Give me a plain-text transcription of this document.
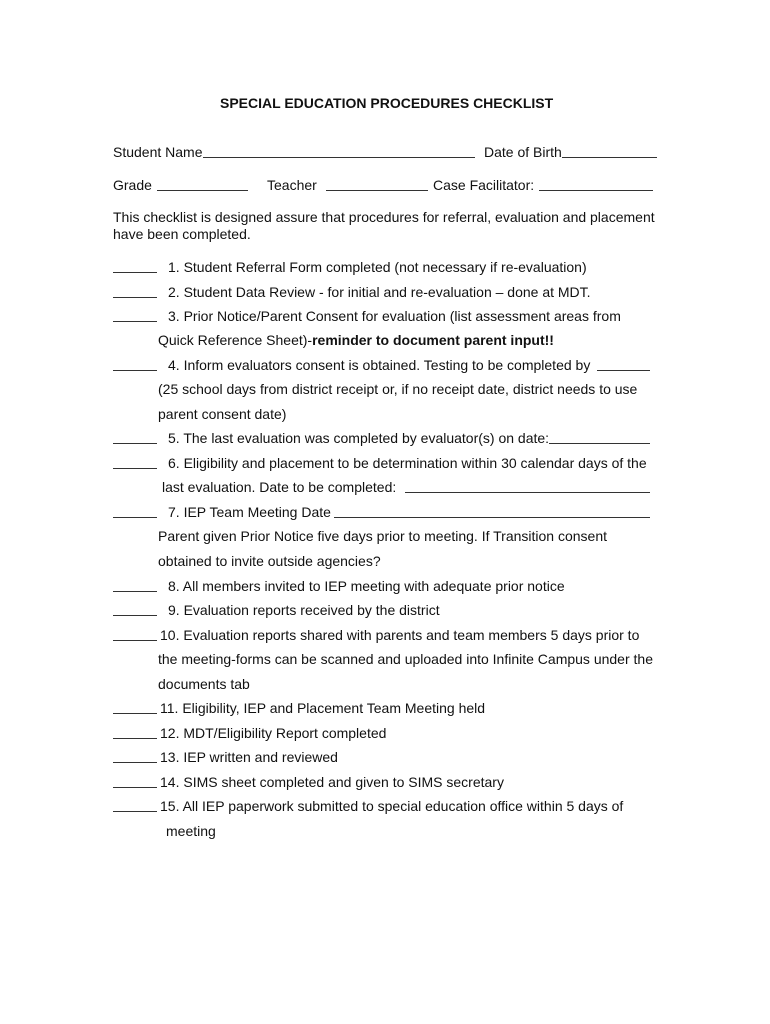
SPECIAL EDUCATION PROCEDURES CHECKLIST
Student Name	Date of Birth
Grade	Teacher	Case Facilitator:
This checklist is designed assure that procedures for referral, evaluation and placement
have been completed.
1. Student Referral Form completed (not necessary if re-evaluation)
2. Student Data Review - for initial and re-evaluation – done at MDT.
3. Prior Notice/Parent Consent for evaluation (list assessment areas from
Quick Reference Sheet)-reminder to document parent input!!
4. Inform evaluators consent is obtained. Testing to be completed by
(25 school days from district receipt or, if no receipt date, district needs to use
parent consent date)
5. The last evaluation was completed by evaluator(s) on date:
6. Eligibility and placement to be determination within 30 calendar days of the
last evaluation. Date to be completed:
7. IEP Team Meeting Date
Parent given Prior Notice five days prior to meeting. If Transition consent
obtained to invite outside agencies?
8. All members invited to IEP meeting with adequate prior notice
9. Evaluation reports received by the district
10. Evaluation reports shared with parents and team members 5 days prior to
the meeting-forms can be scanned and uploaded into Infinite Campus under the
documents tab
11. Eligibility, IEP and Placement Team Meeting held
12. MDT/Eligibility Report completed
13. IEP written and reviewed
14. SIMS sheet completed and given to SIMS secretary
15. All IEP paperwork submitted to special education office within 5 days of
meeting
